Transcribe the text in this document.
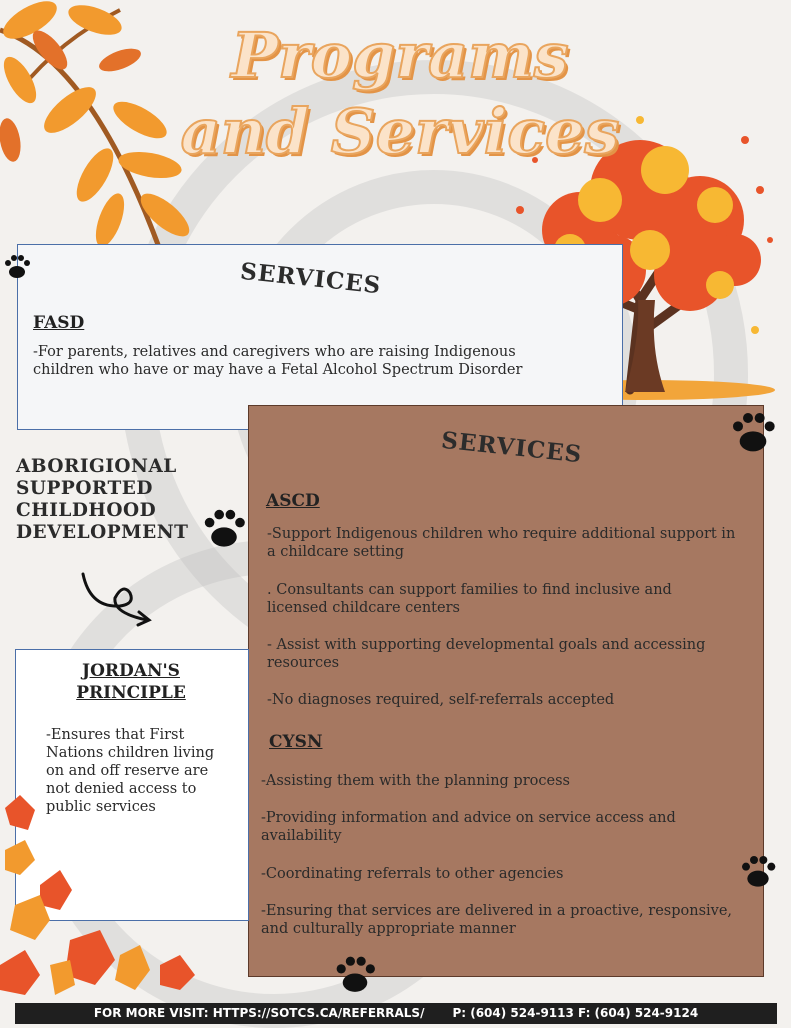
Programs and Services
SERVICES
FASD
-For parents, relatives and caregivers who are raising Indigenous children who have or may have a Fetal Alcohol Spectrum Disorder
ABORIGIONAL SUPPORTED CHILDHOOD DEVELOPMENT
SERVICES
ASCD
-Support Indigenous children who require additional support in a childcare setting
. Consultants can support families to find inclusive and licensed childcare centers
- Assist with supporting developmental goals and accessing resources
-No diagnoses required, self-referrals accepted
CYSN
-Assisting them with the planning process
-Providing information and advice on service access and availability
-Coordinating referrals to other agencies
-Ensuring that services are delivered in a proactive, responsive, and culturally appropriate manner
JORDAN'S PRINCIPLE
-Ensures that First Nations children living on and off reserve are not denied access to public services
FOR MORE VISIT: HTTPS://SOTCS.CA/REFERRALS/ P: (604) 524-9113 F: (604) 524-9124
